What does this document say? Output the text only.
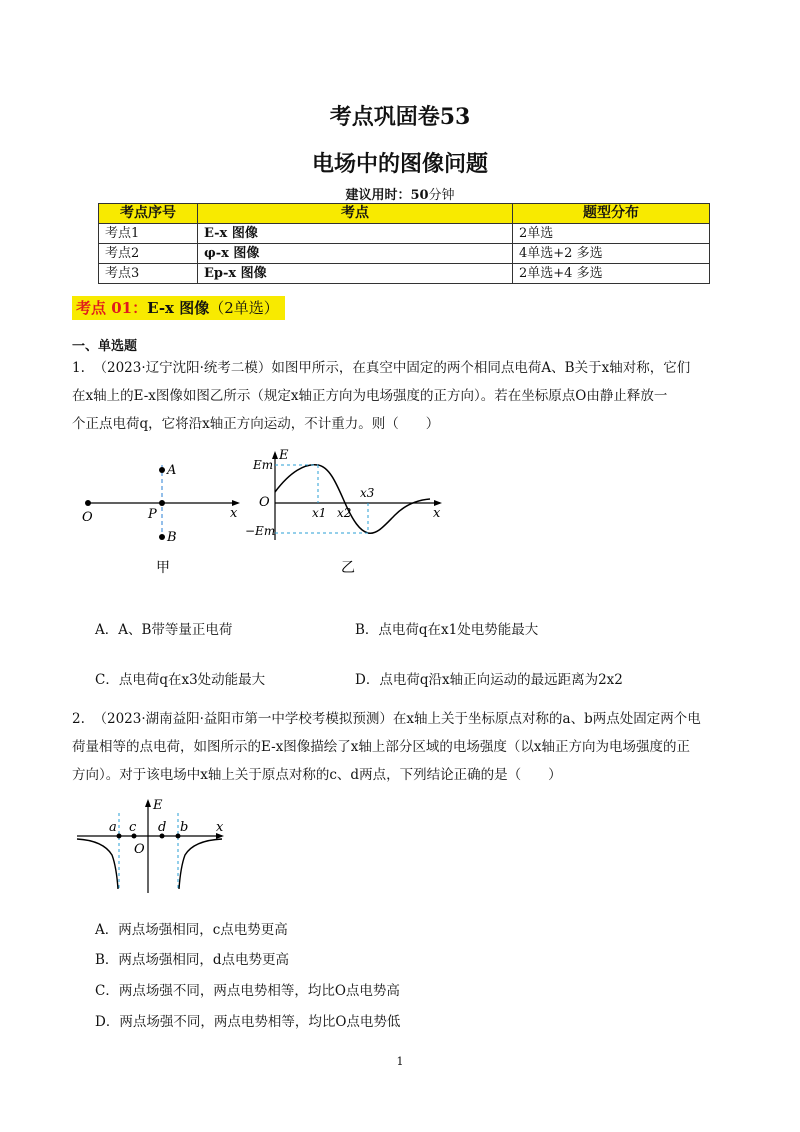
考点巩固卷53
电场中的图像问题
建议用时：50分钟
考点序号	考点	题型分布
考点1	E-x 图像	2单选
考点2	φ-x 图像	4单选+2 多选
考点3	Ep-x 图像	2单选+4 多选
考点 01：E-x 图像（2单选）
一、单选题
1. （2023·辽宁沈阳·统考二模）如图甲所示，在真空中固定的两个相同点电荷A、B关于x轴对称，它们
在x轴上的E-x图像如图乙所示（规定x轴正方向为电场强度的正方向）。若在坐标原点O由静止释放一
个正点电荷q，它将沿x轴正方向运动，不计重力。则（　　）
A
B
O	P	x
甲
Em
E
O
−Em
x1 x2
x3
x
乙
A．A、B带等量正电荷	B．点电荷q在x1处电势能最大
C．点电荷q在x3处动能最大	D．点电荷q沿x轴正向运动的最远距离为2x2
2. （2023·湖南益阳·益阳市第一中学校考模拟预测）在x轴上关于坐标原点对称的a、b两点处固定两个电
荷量相等的点电荷，如图所示的E-x图像描绘了x轴上部分区域的电场强度（以x轴正方向为电场强度的正
方向）。对于该电场中x轴上关于原点对称的c、d两点，下列结论正确的是（　　）
E
a c d b x
O
A．两点场强相同，c点电势更高
B．两点场强相同，d点电势更高
C．两点场强不同，两点电势相等，均比O点电势高
D．两点场强不同，两点电势相等，均比O点电势低
1
